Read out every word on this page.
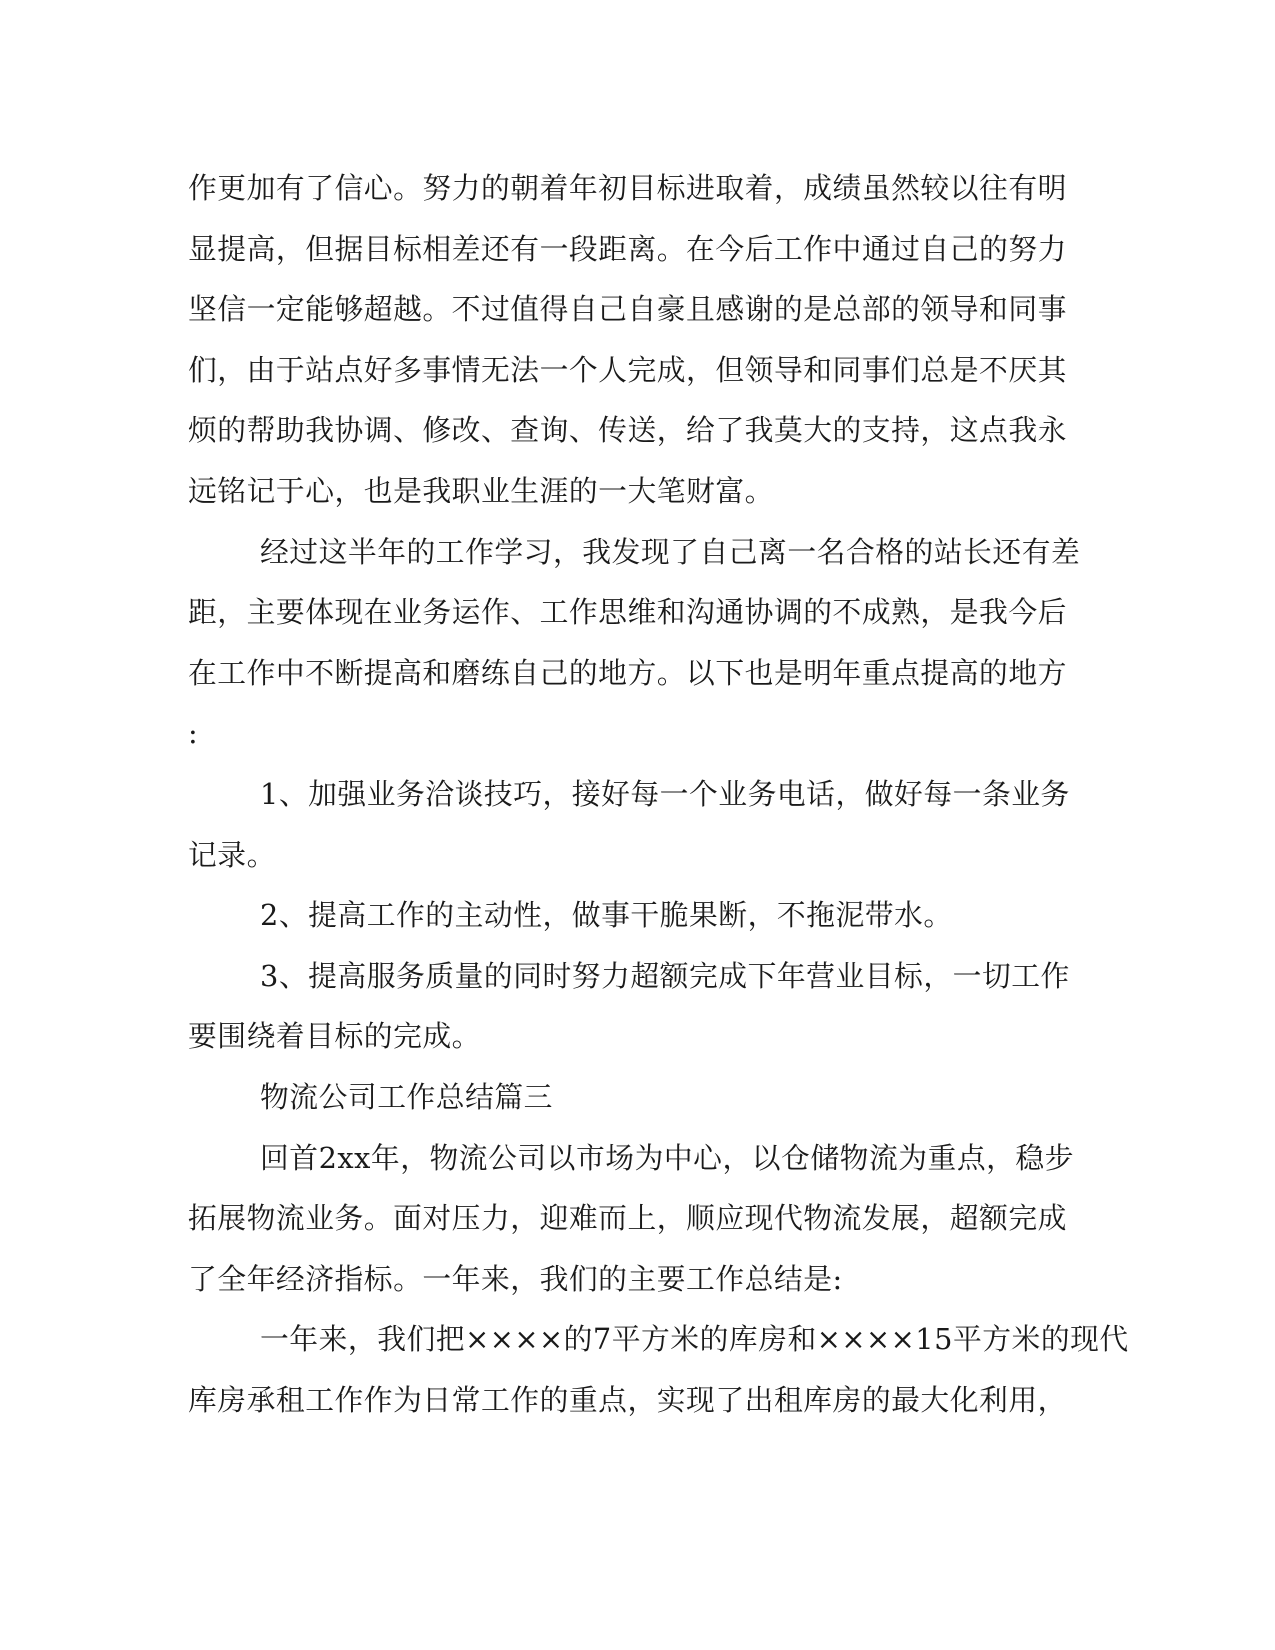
作更加有了信心。努力的朝着年初目标进取着，成绩虽然较以往有明
显提高，但据目标相差还有一段距离。在今后工作中通过自己的努力
坚信一定能够超越。不过值得自己自豪且感谢的是总部的领导和同事
们，由于站点好多事情无法一个人完成，但领导和同事们总是不厌其
烦的帮助我协调、修改、查询、传送，给了我莫大的支持，这点我永
远铭记于心，也是我职业生涯的一大笔财富。
经过这半年的工作学习，我发现了自己离一名合格的站长还有差
距，主要体现在业务运作、工作思维和沟通协调的不成熟，是我今后
在工作中不断提高和磨练自己的地方。以下也是明年重点提高的地方
:
1、加强业务洽谈技巧，接好每一个业务电话，做好每一条业务
记录。
2、提高工作的主动性，做事干脆果断，不拖泥带水。
3、提高服务质量的同时努力超额完成下年营业目标，一切工作
要围绕着目标的完成。
物流公司工作总结篇三
回首2xx年，物流公司以市场为中心，以仓储物流为重点，稳步
拓展物流业务。面对压力，迎难而上，顺应现代物流发展，超额完成
了全年经济指标。一年来，我们的主要工作总结是:
一年来，我们把××××的7平方米的库房和××××15平方米的现代
库房承租工作作为日常工作的重点，实现了出租库房的最大化利用，
